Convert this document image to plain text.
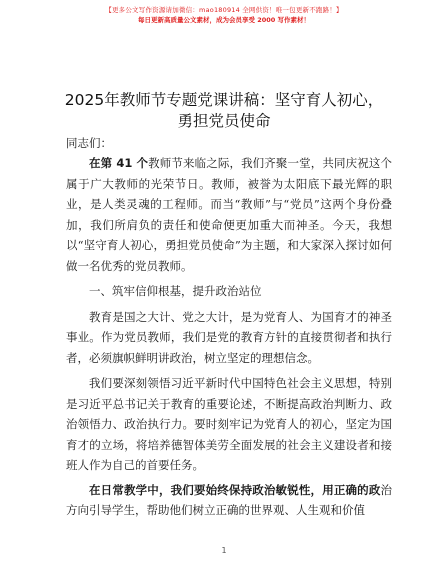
【更多公文写作资源请加微信：mao180914 全网供资！唯一包更新不跑路！】
每日更新高质量公文素材，成为会员享受 2000 写作素材！
2025年教师节专题党课讲稿：坚守育人初心，
勇担党员使命
同志们：

在第 41 个教师节来临之际，我们齐聚一堂，共同庆祝这个属于广大教师的光荣节日。教师，被誉为太阳底下最光辉的职业，是人类灵魂的工程师。而当“教师”与“党员”这两个身份叠加，我们所肩负的责任和使命便更加重大而神圣。今天，我想以“坚守育人初心，勇担党员使命”为主题，和大家深入探讨如何做一名优秀的党员教师。

一、筑牢信仰根基，提升政治站位

教育是国之大计、党之大计，是为党育人、为国育才的神圣事业。作为党员教师，我们是党的教育方针的直接贯彻者和执行者，必须旗帜鲜明讲政治，树立坚定的理想信念。

我们要深刻领悟习近平新时代中国特色社会主义思想，特别是习近平总书记关于教育的重要论述，不断提高政治判断力、政治领悟力、政治执行力。要时刻牢记为党育人的初心，坚定为国育才的立场，将培养德智体美劳全面发展的社会主义建设者和接班人作为自己的首要任务。

在日常教学中，我们要始终保持政治敏锐性，用正确的政治方向引导学生，帮助他们树立正确的世界观、人生观和价值

1
